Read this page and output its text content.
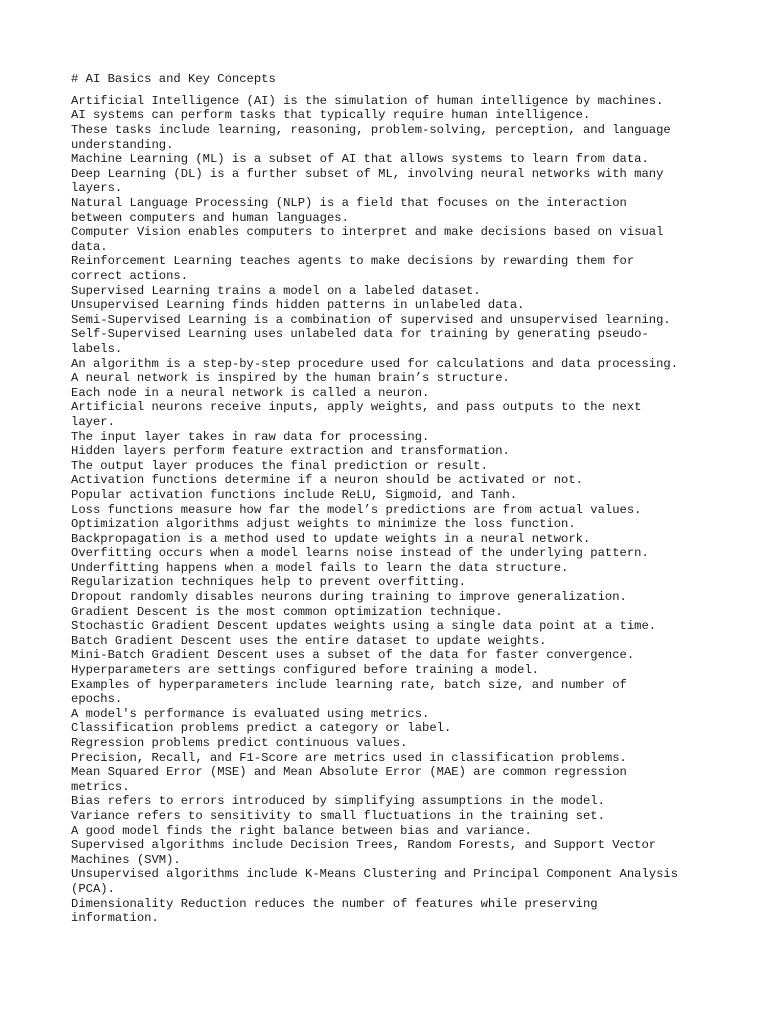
# AI Basics and Key Concepts

Artificial Intelligence (AI) is the simulation of human intelligence by machines.

AI systems can perform tasks that typically require human intelligence.

These tasks include learning, reasoning, problem-solving, perception, and language

understanding.

Machine Learning (ML) is a subset of AI that allows systems to learn from data.

Deep Learning (DL) is a further subset of ML, involving neural networks with many

layers.

Natural Language Processing (NLP) is a field that focuses on the interaction

between computers and human languages.

Computer Vision enables computers to interpret and make decisions based on visual

data.

Reinforcement Learning teaches agents to make decisions by rewarding them for

correct actions.

Supervised Learning trains a model on a labeled dataset.

Unsupervised Learning finds hidden patterns in unlabeled data.

Semi-Supervised Learning is a combination of supervised and unsupervised learning.

Self-Supervised Learning uses unlabeled data for training by generating pseudo-

labels.

An algorithm is a step-by-step procedure used for calculations and data processing.

A neural network is inspired by the human brain’s structure.

Each node in a neural network is called a neuron.

Artificial neurons receive inputs, apply weights, and pass outputs to the next

layer.

The input layer takes in raw data for processing.

Hidden layers perform feature extraction and transformation.

The output layer produces the final prediction or result.

Activation functions determine if a neuron should be activated or not.

Popular activation functions include ReLU, Sigmoid, and Tanh.

Loss functions measure how far the model’s predictions are from actual values.

Optimization algorithms adjust weights to minimize the loss function.

Backpropagation is a method used to update weights in a neural network.

Overfitting occurs when a model learns noise instead of the underlying pattern.

Underfitting happens when a model fails to learn the data structure.

Regularization techniques help to prevent overfitting.

Dropout randomly disables neurons during training to improve generalization.

Gradient Descent is the most common optimization technique.

Stochastic Gradient Descent updates weights using a single data point at a time.

Batch Gradient Descent uses the entire dataset to update weights.

Mini-Batch Gradient Descent uses a subset of the data for faster convergence.

Hyperparameters are settings configured before training a model.

Examples of hyperparameters include learning rate, batch size, and number of

epochs.

A model's performance is evaluated using metrics.

Classification problems predict a category or label.

Regression problems predict continuous values.

Precision, Recall, and F1-Score are metrics used in classification problems.

Mean Squared Error (MSE) and Mean Absolute Error (MAE) are common regression

metrics.

Bias refers to errors introduced by simplifying assumptions in the model.

Variance refers to sensitivity to small fluctuations in the training set.

A good model finds the right balance between bias and variance.

Supervised algorithms include Decision Trees, Random Forests, and Support Vector

Machines (SVM).

Unsupervised algorithms include K-Means Clustering and Principal Component Analysis

(PCA).

Dimensionality Reduction reduces the number of features while preserving

information.
